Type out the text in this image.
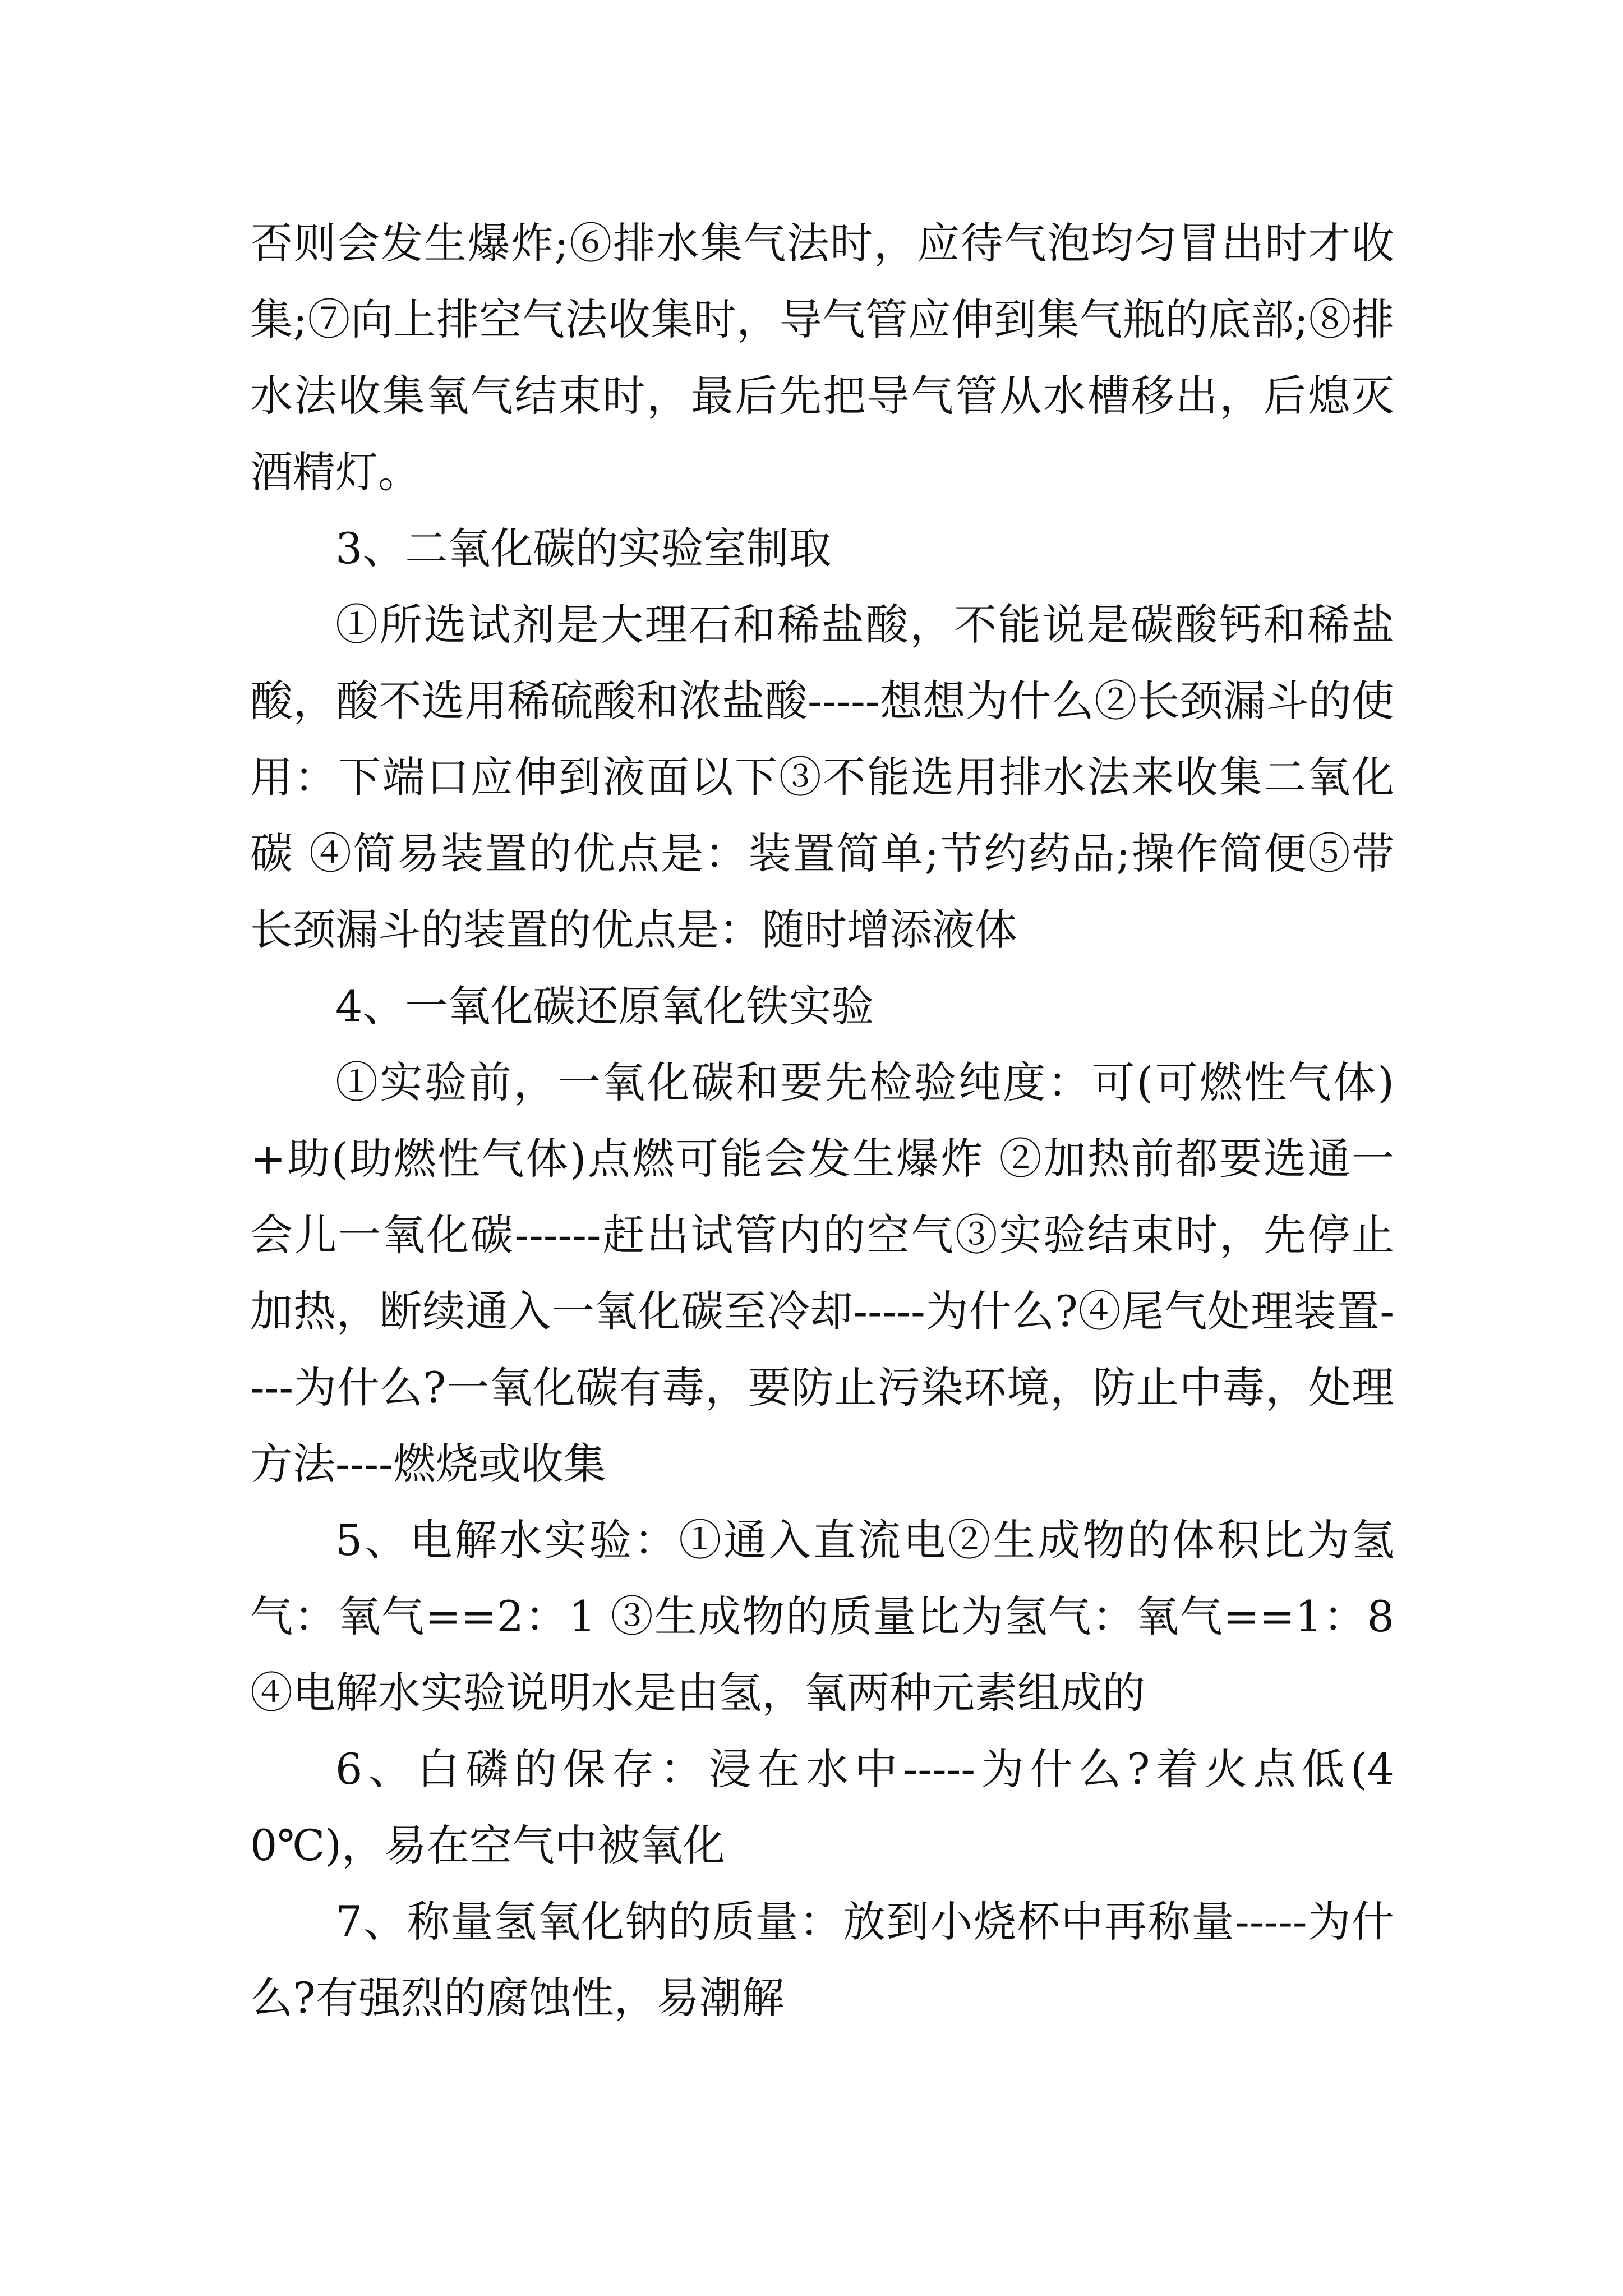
否则会发生爆炸;⑥排水集气法时，应待气泡均匀冒出时才收集;⑦向上排空气法收集时，导气管应伸到集气瓶的底部;⑧排水法收集氧气结束时，最后先把导气管从水槽移出，后熄灭酒精灯。

3、二氧化碳的实验室制取

①所选试剂是大理石和稀盐酸，不能说是碳酸钙和稀盐酸，酸不选用稀硫酸和浓盐酸-----想想为什么②长颈漏斗的使用：下端口应伸到液面以下③不能选用排水法来收集二氧化碳 ④简易装置的优点是：装置简单;节约药品;操作简便⑤带长颈漏斗的装置的优点是：随时增添液体

4、一氧化碳还原氧化铁实验

①实验前，一氧化碳和要先检验纯度：可(可燃性气体)+助(助燃性气体)点燃可能会发生爆炸 ②加热前都要选通一会儿一氧化碳------赶出试管内的空气③实验结束时，先停止加热，断续通入一氧化碳至冷却-----为什么?④尾气处理装置----为什么?一氧化碳有毒，要防止污染环境，防止中毒，处理方法----燃烧或收集

5、电解水实验：①通入直流电②生成物的体积比为氢气：氧气==2：1 ③生成物的质量比为氢气：氧气==1：8 ④电解水实验说明水是由氢，氧两种元素组成的

6、白磷的保存：浸在水中-----为什么?着火点低(40℃)，易在空气中被氧化

7、称量氢氧化钠的质量：放到小烧杯中再称量-----为什么?有强烈的腐蚀性，易潮解
